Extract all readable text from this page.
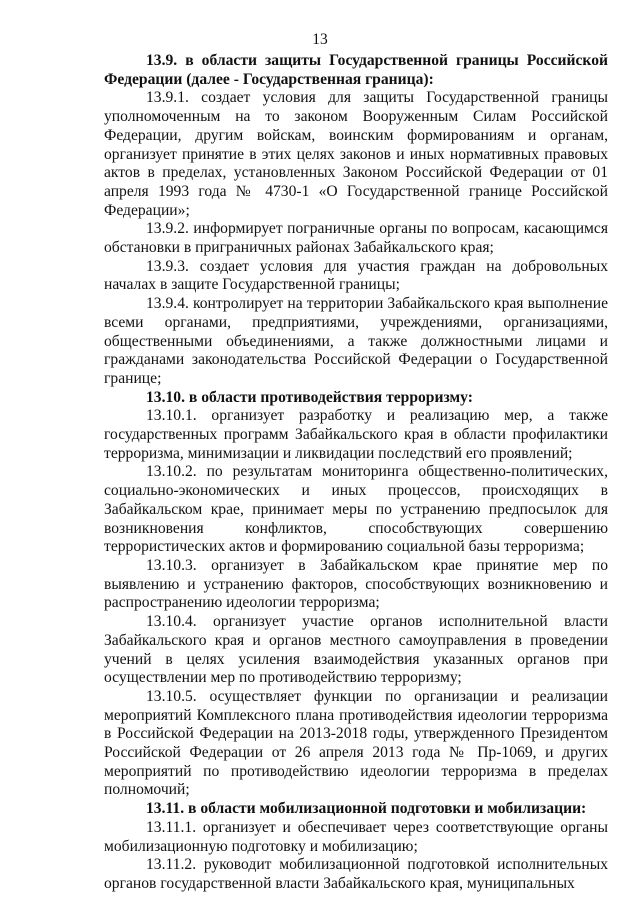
13

13.9. в области защиты Государственной границы Российской Федерации (далее - Государственная граница):

13.9.1. создает условия для защиты Государственной границы уполномоченным на то законом Вооруженным Силам Российской Федерации, другим войскам, воинским формированиям и органам, организует принятие в этих целях законов и иных нормативных правовых актов в пределах, установленных Законом Российской Федерации от 01 апреля 1993 года № 4730-1 «О Государственной границе Российской Федерации»;

13.9.2. информирует пограничные органы по вопросам, касающимся обстановки в приграничных районах Забайкальского края;

13.9.3. создает условия для участия граждан на добровольных началах в защите Государственной границы;

13.9.4. контролирует на территории Забайкальского края выполнение всеми органами, предприятиями, учреждениями, организациями, общественными объединениями, а также должностными лицами и гражданами законодательства Российской Федерации о Государственной границе;

13.10. в области противодействия терроризму:

13.10.1. организует разработку и реализацию мер, а также государственных программ Забайкальского края в области профилактики терроризма, минимизации и ликвидации последствий его проявлений;

13.10.2. по результатам мониторинга общественно-политических, социально-экономических и иных процессов, происходящих в Забайкальском крае, принимает меры по устранению предпосылок для возникновения конфликтов, способствующих совершению террористических актов и формированию социальной базы терроризма;

13.10.3. организует в Забайкальском крае принятие мер по выявлению и устранению факторов, способствующих возникновению и распространению идеологии терроризма;

13.10.4. организует участие органов исполнительной власти Забайкальского края и органов местного самоуправления в проведении учений в целях усиления взаимодействия указанных органов при осуществлении мер по противодействию терроризму;

13.10.5. осуществляет функции по организации и реализации мероприятий Комплексного плана противодействия идеологии терроризма в Российской Федерации на 2013-2018 годы, утвержденного Президентом Российской Федерации от 26 апреля 2013 года № Пр-1069, и других мероприятий по противодействию идеологии терроризма в пределах полномочий;

13.11. в области мобилизационной подготовки и мобилизации:

13.11.1. организует и обеспечивает через соответствующие органы мобилизационную подготовку и мобилизацию;

13.11.2. руководит мобилизационной подготовкой исполнительных органов государственной власти Забайкальского края, муниципальных
